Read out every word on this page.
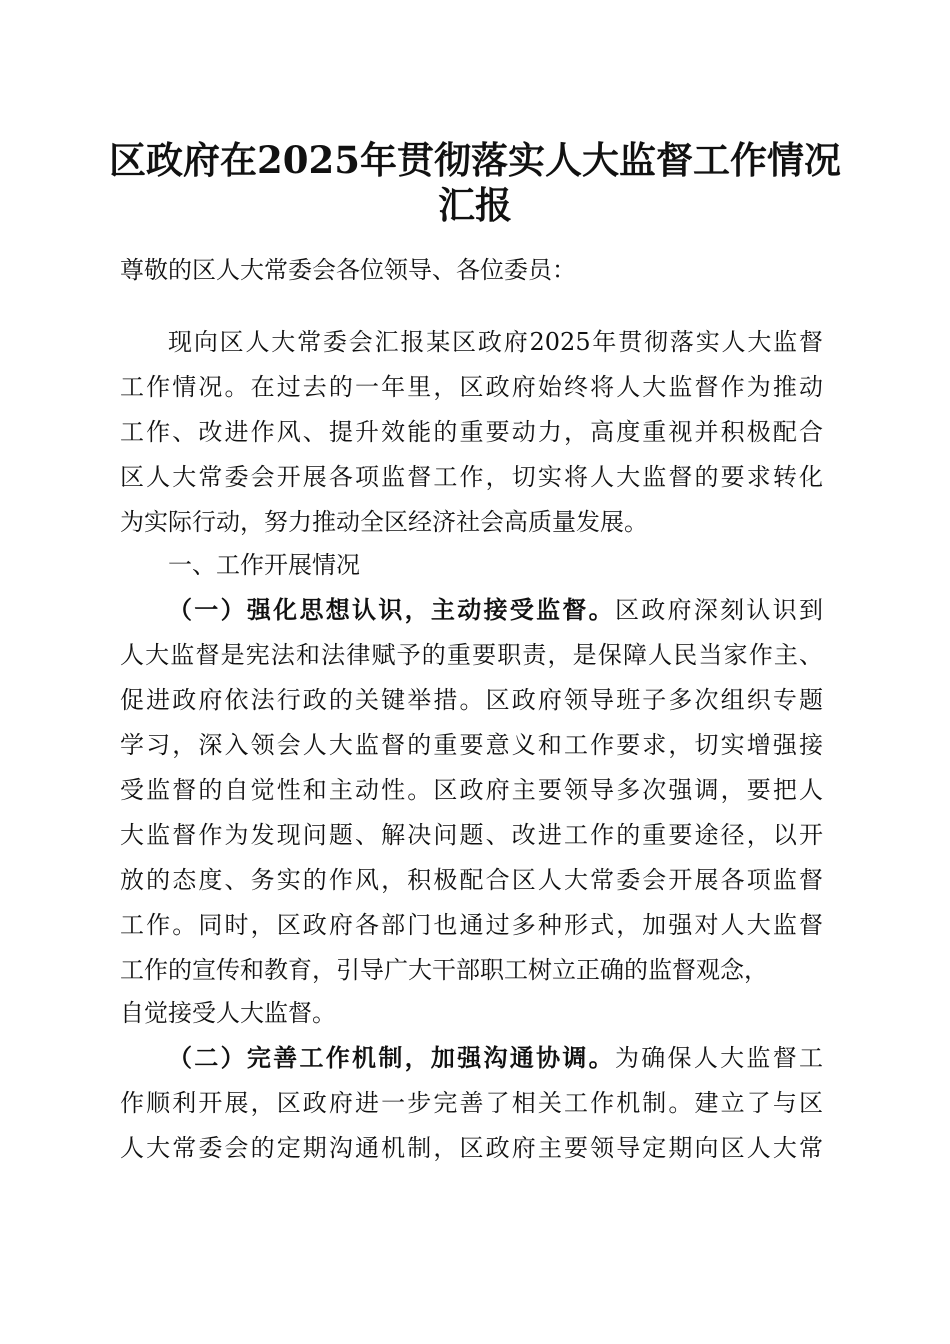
区政府在2025年贯彻落实人大监督工作情况
汇报
尊敬的区人大常委会各位领导、各位委员：
现向区人大常委会汇报某区政府2025年贯彻落实人大监督
工作情况。在过去的一年里，区政府始终将人大监督作为推动
工作、改进作风、提升效能的重要动力，高度重视并积极配合
区人大常委会开展各项监督工作，切实将人大监督的要求转化
为实际行动，努力推动全区经济社会高质量发展。
一、工作开展情况
（一）强化思想认识，主动接受监督。区政府深刻认识到
人大监督是宪法和法律赋予的重要职责，是保障人民当家作主、
促进政府依法行政的关键举措。区政府领导班子多次组织专题
学习，深入领会人大监督的重要意义和工作要求，切实增强接
受监督的自觉性和主动性。区政府主要领导多次强调，要把人
大监督作为发现问题、解决问题、改进工作的重要途径，以开
放的态度、务实的作风，积极配合区人大常委会开展各项监督
工作。同时，区政府各部门也通过多种形式，加强对人大监督
工作的宣传和教育，引导广大干部职工树立正确的监督观念，
自觉接受人大监督。
（二）完善工作机制，加强沟通协调。为确保人大监督工
作顺利开展，区政府进一步完善了相关工作机制。建立了与区
人大常委会的定期沟通机制，区政府主要领导定期向区人大常
